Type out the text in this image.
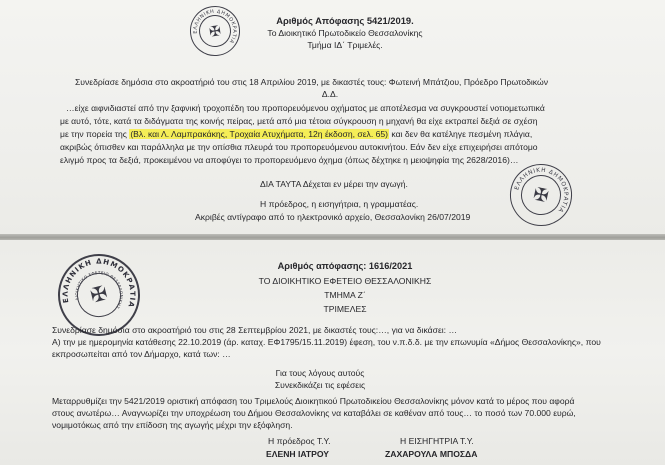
ΕΛΛΗΝΙΚΗ ΔΗΜΟΚΡΑΤΙΑ
✠
Αριθμός Απόφασης 5421/2019.
Το Διοικητικό Πρωτοδικείο Θεσσαλονίκης
Τμήμα ΙΔ΄ Τριμελές.
Συνεδρίασε δημόσια στο ακροατήριό του στις 18 Απριλίου 2019, με δικαστές τους: Φωτεινή Μπάτζιου, Πρόεδρο Πρωτοδικών
Δ.Δ.
…είχε αιφνιδιαστεί από την ξαφνική τροχοπέδη του προπορευόμενου οχήματος με αποτέλεσμα να συγκρουστεί νοτιομετωπικά
με αυτό, τότε, κατά τα διδάγματα της κοινής πείρας, μετά από μια τέτοια σύγκρουση η μηχανή θα είχε εκτραπεί δεξιά σε σχέση
με την πορεία της (Βλ. και Λ. Λαμπρακάκης, Τροχαία Ατυχήματα, 12η έκδοση, σελ. 65) και δεν θα κατέληγε πεσμένη πλάγια,
ακριβώς όπισθεν και παράλληλα με την οπίσθια πλευρά του προπορευόμενου αυτοκινήτου. Εάν δεν είχε επιχειρήσει απότομο
ελιγμό προς τα δεξιά, προκειμένου να αποφύγει το προπορευόμενο όχημα (όπως δέχτηκε η μειοψηφία της 2628/2016)…
ΔΙΑ ΤΑΥΤΑ Δέχεται εν μέρει την αγωγή.
Η πρόεδρος, η εισηγήτρια, η γραμματέας.
Ακριβές αντίγραφο από το ηλεκτρονικό αρχείο, Θεσσαλονίκη 26/07/2019
ΕΛΛΗΝΙΚΗ ΔΗΜΟΚΡΑΤΙΑ
✠
ΕΛΛΗΝΙΚΗ ΔΗΜΟΚΡΑΤΙΑ
ΔΙΟΙΚΗΤΙΚΟ ΕΦΕΤΕΙΟ ΘΕΣΣΑΛΟΝΙΚΗΣ
✠
Αριθμός απόφασης: 1616/2021
ΤΟ ΔΙΟΙΚΗΤΙΚΟ ΕΦΕΤΕΙΟ ΘΕΣΣΑΛΟΝΙΚΗΣ
ΤΜΗΜΑ Ζ΄
ΤΡΙΜΕΛΕΣ
Συνεδρίασε δημόσια στο ακροατήριό του στις 28 Σεπτεμβρίου 2021, με δικαστές τους:…, για να δικάσει: …
Α) την με ημερομηνία κατάθεσης 22.10.2019 (άρ. καταχ. ΕΦ1795/15.11.2019) έφεση, του ν.π.δ.δ. με την επωνυμία «Δήμος Θεσσαλονίκης», που
εκπροσωπείται από τον Δήμαρχο, κατά των: …
Για τους λόγους αυτούς
Συνεκδικάζει τις εφέσεις
Μεταρρυθμίζει την 5421/2019 οριστική απόφαση του Τριμελούς Διοικητικού Πρωτοδικείου Θεσσαλονίκης μόνον κατά το μέρος που αφορά
στους ανωτέρω… Αναγνωρίζει την υποχρέωση του Δήμου Θεσσαλονίκης να καταβάλει σε καθέναν από τους… το ποσό των 70.000 ευρώ,
νομιμοτόκως από την επίδοση της αγωγής μέχρι την εξόφληση.
Η πρόεδρος Τ.Υ.	Η ΕΙΣΗΓΗΤΡΙΑ Τ.Υ.
ΕΛΕΝΗ ΙΑΤΡΟΥ	ΖΑΧΑΡΟΥΛΑ ΜΠΟΣΔΑ
